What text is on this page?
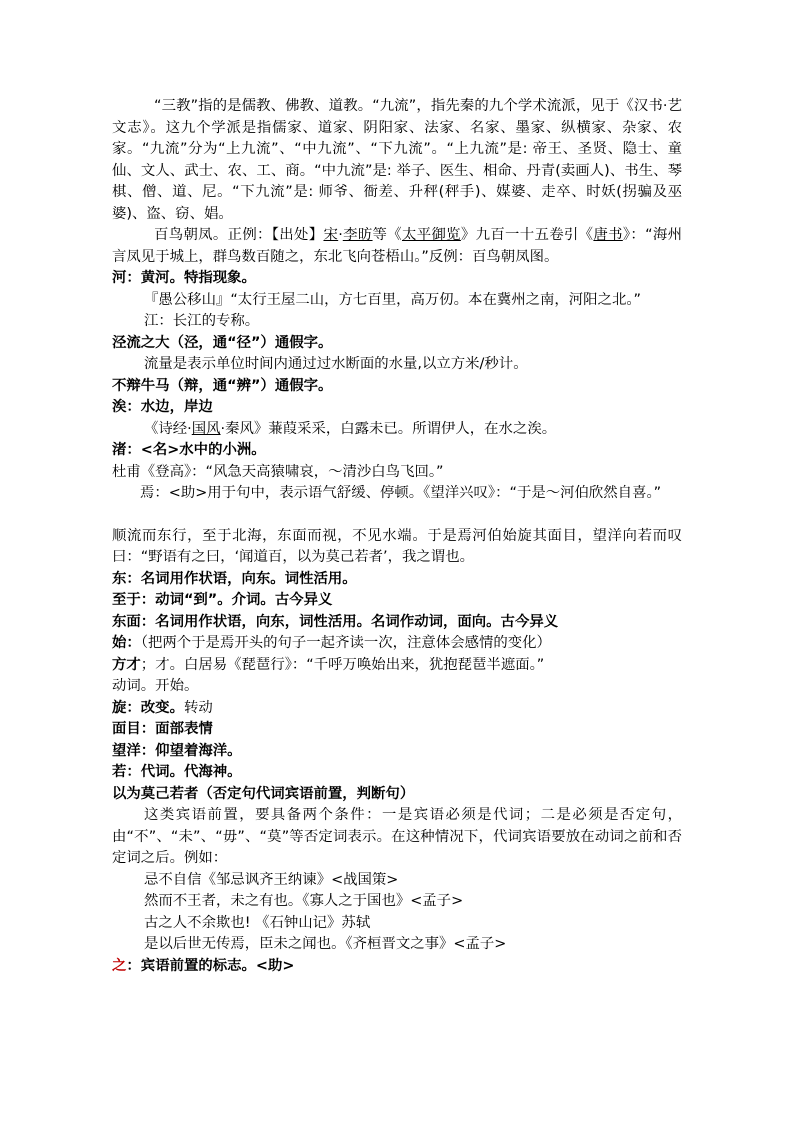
“三教”指的是儒教、佛教、道教。“九流”，指先秦的九个学术流派，见于《汉书·艺文志》。这九个学派是指儒家、道家、阴阳家、法家、名家、墨家、纵横家、杂家、农家。“九流”分为“上九流”、“中九流”、“下九流”。“上九流”是: 帝王、圣贤、隐士、童仙、文人、武士、农、工、商。“中九流”是: 举子、医生、相命、丹青(卖画人)、书生、琴棋、僧、道、尼。“下九流”是: 师爷、衙差、升秤(秤手)、媒婆、走卒、时妖(拐骗及巫婆)、盗、窃、娼。

百鸟朝凤。正例：【出处】宋·李昉等《太平御览》九百一十五卷引《唐书》：“海州言凤见于城上，群鸟数百随之，东北飞向苍梧山。”反例：百鸟朝凤图。

河：黄河。特指现象。

『愚公移山』“太行王屋二山，方七百里，高万仞。本在冀州之南，河阳之北。”

江：长江的专称。

泾流之大（泾，通“径”）通假字。

流量是表示单位时间内通过过水断面的水量,以立方米/秒计。

不辩牛马（辩，通“辨”）通假字。

涘：水边，岸边

《诗经·国风·秦风》蒹葭采采，白露未已。所谓伊人，在水之涘。

渚：<名>水中的小洲。

杜甫《登高》：“风急天高猿啸哀，～清沙白鸟飞回。”

焉：<助>用于句中，表示语气舒缓、停顿。《望洋兴叹》：“于是～河伯欣然自喜。”

顺流而东行，至于北海，东面而视，不见水端。于是焉河伯始旋其面目，望洋向若而叹曰：“野语有之曰，‘闻道百，以为莫己若者’，我之谓也。

东：名词用作状语，向东。词性活用。

至于：动词“到”。介词。古今异义

东面：名词用作状语，向东，词性活用。名词作动词，面向。古今异义

始：（把两个于是焉开头的句子一起齐读一次，注意体会感情的变化）

方才；才。白居易《琵琶行》：“千呼万唤始出来，犹抱琵琶半遮面。”

动词。开始。

旋：改变。转动

面目：面部表情

望洋：仰望着海洋。

若：代词。代海神。

以为莫己若者（否定句代词宾语前置，判断句）

这类宾语前置，要具备两个条件：一是宾语必须是代词；二是必须是否定句，由“不”、“未”、“毋”、“莫”等否定词表示。在这种情况下，代词宾语要放在动词之前和否定词之后。例如：

忌不自信《邹忌讽齐王纳谏》<战国策>

然而不王者，未之有也。《寡人之于国也》<孟子>

古之人不余欺也! 《石钟山记》苏轼

是以后世无传焉，臣未之闻也。《齐桓晋文之事》<孟子>

之：宾语前置的标志。<助>
